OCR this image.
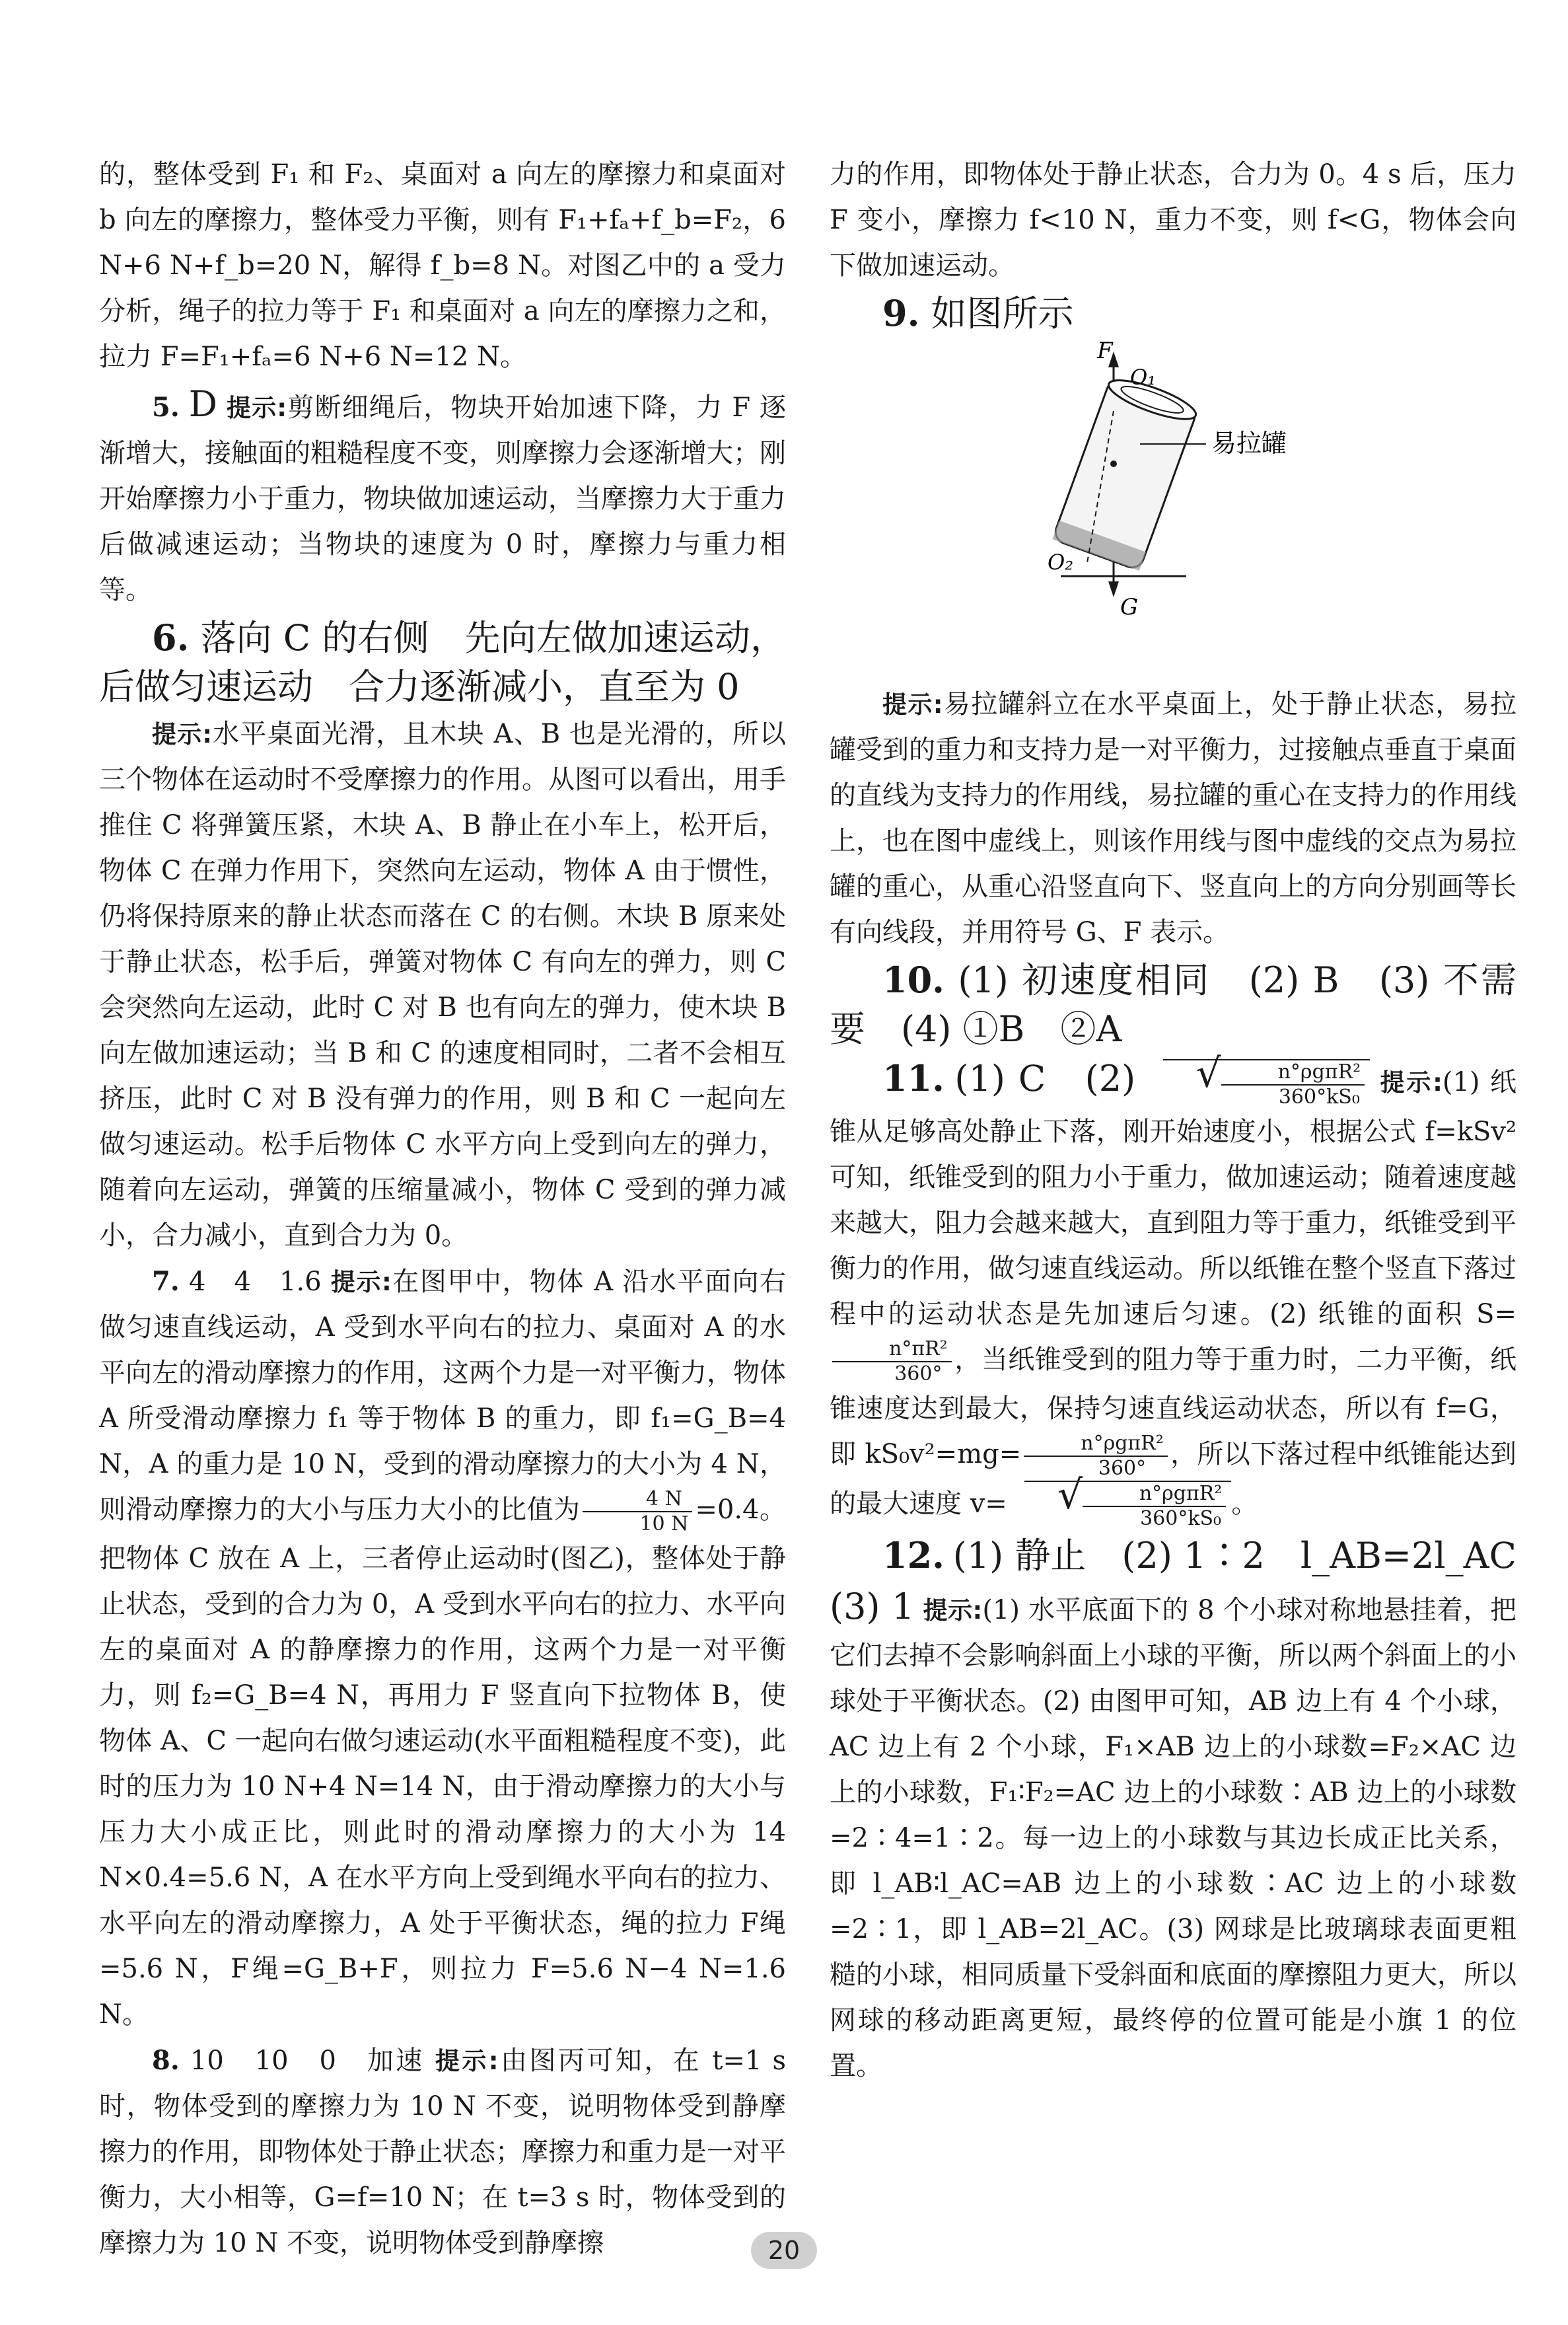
的，整体受到 F₁ 和 F₂、桌面对 a 向左的摩擦力和桌面对 b 向左的摩擦力，整体受力平衡，则有 F₁+fₐ+f_b=F₂，6 N+6 N+f_b=20 N，解得 f_b=8 N。对图乙中的 a 受力分析，绳子的拉力等于 F₁ 和桌面对 a 向左的摩擦力之和，拉力 F=F₁+fₐ=6 N+6 N=12 N。

5. D 提示:剪断细绳后，物块开始加速下降，力 F 逐渐增大，接触面的粗糙程度不变，则摩擦力会逐渐增大；刚开始摩擦力小于重力，物块做加速运动，当摩擦力大于重力后做减速运动；当物块的速度为 0 时，摩擦力与重力相等。

6. 落向 C 的右侧　先向左做加速运动，后做匀速运动　合力逐渐减小，直至为 0

提示:水平桌面光滑，且木块 A、B 也是光滑的，所以三个物体在运动时不受摩擦力的作用。从图可以看出，用手推住 C 将弹簧压紧，木块 A、B 静止在小车上，松开后，物体 C 在弹力作用下，突然向左运动，物体 A 由于惯性，仍将保持原来的静止状态而落在 C 的右侧。木块 B 原来处于静止状态，松手后，弹簧对物体 C 有向左的弹力，则 C 会突然向左运动，此时 C 对 B 也有向左的弹力，使木块 B 向左做加速运动；当 B 和 C 的速度相同时，二者不会相互挤压，此时 C 对 B 没有弹力的作用，则 B 和 C 一起向左做匀速运动。松手后物体 C 水平方向上受到向左的弹力，随着向左运动，弹簧的压缩量减小，物体 C 受到的弹力减小，合力减小，直到合力为 0。

7. 4　4　1.6 提示:在图甲中，物体 A 沿水平面向右做匀速直线运动，A 受到水平向右的拉力、桌面对 A 的水平向左的滑动摩擦力的作用，这两个力是一对平衡力，物体 A 所受滑动摩擦力 f₁ 等于物体 B 的重力，即 f₁=G_B=4 N，A 的重力是 10 N，受到的滑动摩擦力的大小为 4 N，则滑动摩擦力的大小与压力大小的比值为 $\frac{4 N}{10 N} =0.4$。把物体 C 放在 A 上，三者停止运动时(图乙)，整体处于静止状态，受到的合力为 0，A 受到水平向右的拉力、水平向左的桌面对 A 的静摩擦力的作用，这两个力是一对平衡力，则 f₂=G_B=4 N，再用力 F 竖直向下拉物体 B，使物体 A、C 一起向右做匀速运动(水平面粗糙程度不变)，此时的压力为 10 N+4 N=14 N，由于滑动摩擦力的大小与压力大小成正比，则此时的滑动摩擦力的大小为 14 N×0.4=5.6 N，A 在水平方向上受到绳水平向右的拉力、水平向左的滑动摩擦力，A 处于平衡状态，绳的拉力 F绳=5.6 N，F绳=G_B+F，则拉力 F=5.6 N−4 N=1.6 N。

8. 10　10　0　加速 提示:由图丙可知，在 t=1 s 时，物体受到的摩擦力为 10 N 不变，说明物体受到静摩擦力的作用，即物体处于静止状态；摩擦力和重力是一对平衡力，大小相等，G=f=10 N；在 t=3 s 时，物体受到的摩擦力为 10 N 不变，说明物体受到静摩擦

力的作用，即物体处于静止状态，合力为 0。4 s 后，压力 F 变小，摩擦力 f<10 N，重力不变，则 f<G，物体会向下做加速运动。

9. 如图所示

F
G
O₁
O₂
易拉罐

提示:易拉罐斜立在水平桌面上，处于静止状态，易拉罐受到的重力和支持力是一对平衡力，过接触点垂直于桌面的直线为支持力的作用线，易拉罐的重心在支持力的作用线上，也在图中虚线上，则该作用线与图中虚线的交点为易拉罐的重心，从重心沿竖直向下、竖直向上的方向分别画等长有向线段，并用符号 G、F 表示。

10. (1) 初速度相同　(2) B　(3) 不需要　(4) ①B　②A

11. (1) C　(2)	√ $\frac{\text{n°ρgπR²}}{\text{360°kS₀}}$ 提示:(1) 纸锥从足够高处静止下落，刚开始速度小，根据公式 f=kSv² 可知，纸锥受到的阻力小于重力，做加速运动；随着速度越来越大，阻力会越来越大，直到阻力等于重力，纸锥受到平衡力的作用，做匀速直线运动。所以纸锥在整个竖直下落过程中的运动状态是先加速后匀速。(2) 纸锥的面积 S=
$\frac{\text{n°πR²}}{360^\circ}$ ，当纸锥受到的阻力等于重力时，二力平衡，纸锥速度达到最大，保持匀速直线运动状态，所以有 f=G，即 $kS_0v^2=mg= \frac{\text{n°ρgπR²}}{360^\circ}$ ，所以下落过程中纸锥能达到的最大速度 v=	√ $\frac{\text{n°ρgπR²}}{\text{360°kS₀}}$ 。

12. (1) 静止　(2) 1∶2　l_AB=2l_AC　(3) 1 提示:(1) 水平底面下的 8 个小球对称地悬挂着，把它们去掉不会影响斜面上小球的平衡，所以两个斜面上的小球处于平衡状态。(2) 由图甲可知，AB 边上有 4 个小球，AC 边上有 2 个小球，F₁×AB 边上的小球数=F₂×AC 边上的小球数，F₁∶F₂=AC 边上的小球数∶AB 边上的小球数=2∶4=1∶2。每一边上的小球数与其边长成正比关系，即 l_AB∶l_AC=AB 边上的小球数∶AC 边上的小球数=2∶1，即 l_AB=2l_AC。(3) 网球是比玻璃球表面更粗糙的小球，相同质量下受斜面和底面的摩擦阻力更大，所以网球的移动距离更短，最终停的位置可能是小旗 1 的位置。

20
